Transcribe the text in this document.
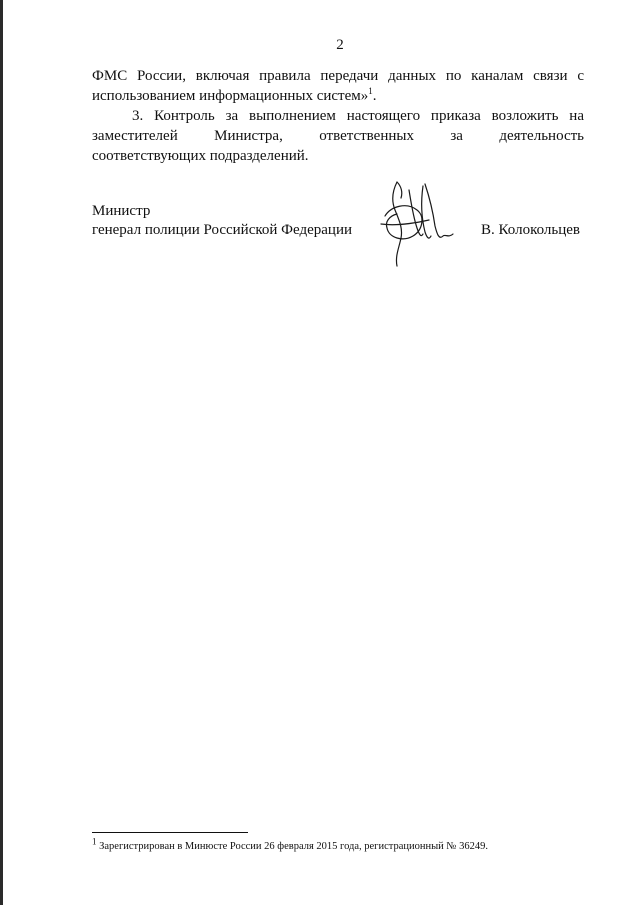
2

ФМС России, включая правила передачи данных по каналам связи с использованием информационных систем»$^1$.

3. Контроль за выполнением настоящего приказа возложить на заместителей Министра, ответственных за деятельность

соответствующих подразделений.

Министр

генерал полиции Российской Федерации	В. Колокольцев
$^1$ Зарегистрирован в Минюсте России 26 февраля 2015 года, регистрационный № 36249.
